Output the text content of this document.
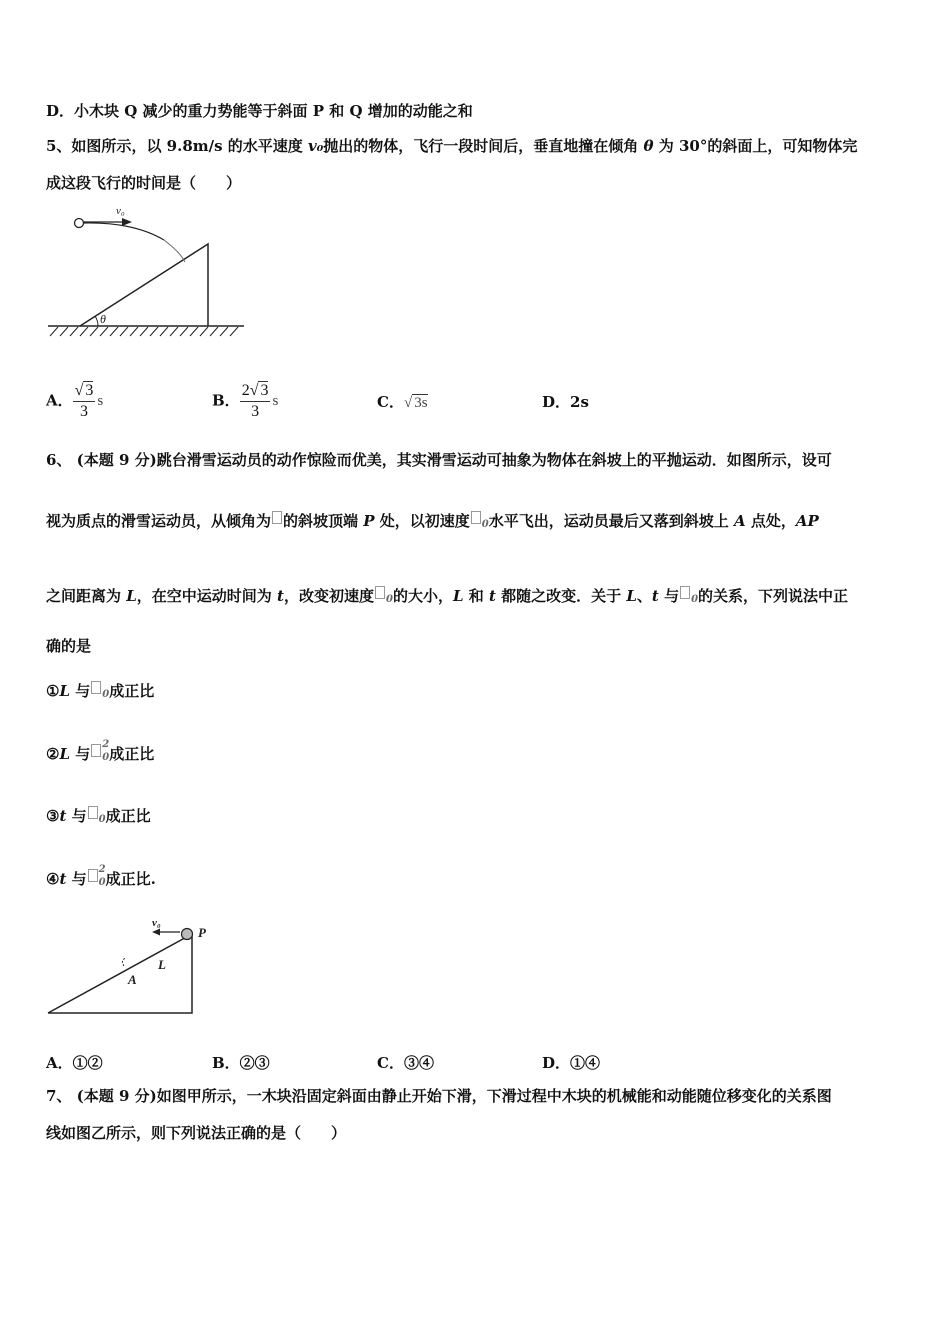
D．小木块 Q 减少的重力势能等于斜面 P 和 Q 增加的动能之和
5、如图所示，以 9.8m/s 的水平速度 v₀抛出的物体，飞行一段时间后，垂直地撞在倾角 θ 为 30°的斜面上，可知物体完
成这段飞行的时间是（　　）
v₀
θ
A． $\frac{√ 3}{3}$ s	B． $\frac{2√ 3}{3}$ s	C．√ 3s	D．2s
6、 (本题 9 分)跳台滑雪运动员的动作惊险而优美，其实滑雪运动可抽象为物体在斜坡上的平抛运动．如图所示，设可
视为质点的滑雪运动员，从倾角为 的斜坡顶端 P 处，以初速度 0水平飞出，运动员最后又落到斜坡上 A 点处，AP
之间距离为 L，在空中运动时间为 t，改变初速度 0的大小，L 和 t 都随之改变．关于 L、t 与 0的关系，下列说法中正
确的是
①L 与 0成正比
②L 与 0
2
成正比
③t 与 0成正比
④t 与 0
2
成正比.
v₀
P
L
A
A．①②	B．②③	C．③④	D．①④
7、 (本题 9 分)如图甲所示，一木块沿固定斜面由静止开始下滑，下滑过程中木块的机械能和动能随位移变化的关系图
线如图乙所示，则下列说法正确的是（　　）
